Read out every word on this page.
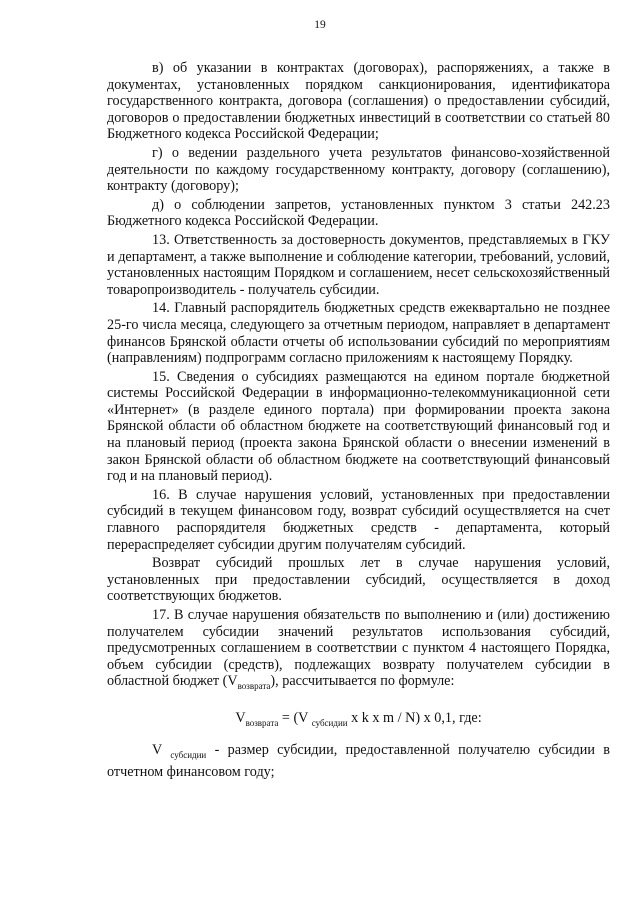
19

в) об указании в контрактах (договорах), распоряжениях, а также в документах, установленных порядком санкционирования, идентификатора государственного контракта, договора (соглашения) о предоставлении субсидий, договоров о предоставлении бюджетных инвестиций в соответствии со статьей 80 Бюджетного кодекса Российской Федерации;

г) о ведении раздельного учета результатов финансово-хозяйственной деятельности по каждому государственному контракту, договору (соглашению), контракту (договору);

д) о соблюдении запретов, установленных пунктом 3 статьи 242.23 Бюджетного кодекса Российской Федерации.

13. Ответственность за достоверность документов, представляемых в ГКУ и департамент, а также выполнение и соблюдение категории, требований, условий, установленных настоящим Порядком и соглашением, несет сельскохозяйственный товаропроизводитель - получатель субсидии.

14. Главный распорядитель бюджетных средств ежеквартально не позднее 25-го числа месяца, следующего за отчетным периодом, направляет в департамент финансов Брянской области отчеты об использовании субсидий по мероприятиям (направлениям) подпрограмм согласно приложениям к настоящему Порядку.

15. Сведения о субсидиях размещаются на едином портале бюджетной системы Российской Федерации в информационно-телекоммуникационной сети «Интернет» (в разделе единого портала) при формировании проекта закона Брянской области об областном бюджете на соответствующий финансовый год и на плановый период (проекта закона Брянской области о внесении изменений в закон Брянской области об областном бюджете на соответствующий финансовый год и на плановый период).

16. В случае нарушения условий, установленных при предоставлении субсидий в текущем финансовом году, возврат субсидий осуществляется на счет главного распорядителя бюджетных средств - департамента, который перераспределяет субсидии другим получателям субсидий.

Возврат субсидий прошлых лет в случае нарушения условий, установленных при предоставлении субсидий, осуществляется в доход соответствующих бюджетов.

17. В случае нарушения обязательств по выполнению и (или) достижению получателем субсидии значений результатов использования субсидий, предусмотренных соглашением в соответствии с пунктом 4 настоящего Порядка, объем субсидии (средств), подлежащих возврату получателем субсидии в областной бюджет $(V_{возврата})$, рассчитывается по формуле:

$V_{возврата} = (V$ $_{субсидии}$ x k x m / N) x 0,1, где:

V $_{субсидии}$ - размер субсидии, предоставленной получателю субсидии в отчетном финансовом году;
